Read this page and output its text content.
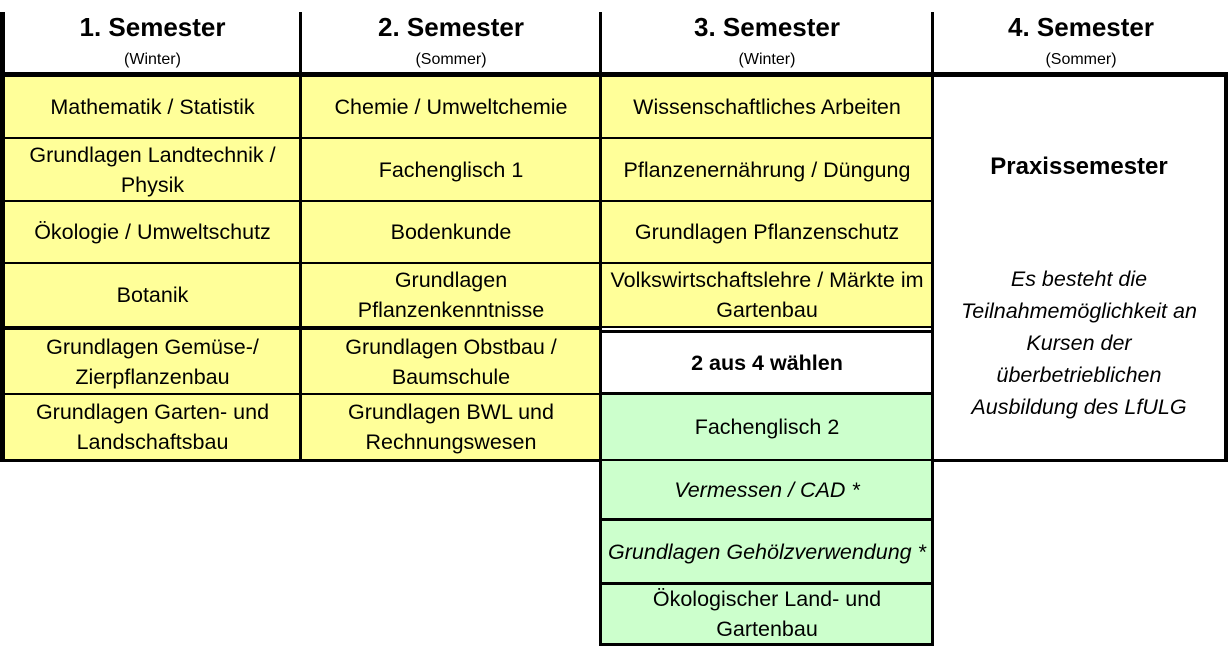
1. Semester
(Winter)
2. Semester
(Sommer)
3. Semester
(Winter)
4. Semester
(Sommer)
Mathematik / Statistik
Grundlagen Landtechnik / Physik
Ökologie / Umweltschutz
Botanik
Grundlagen Gemüse-/ Zierpflanzenbau
Grundlagen Garten- und Landschaftsbau
Chemie / Umweltchemie
Fachenglisch 1
Bodenkunde
Grundlagen Pflanzenkenntnisse
Grundlagen Obstbau / Baumschule
Grundlagen BWL und Rechnungswesen
Wissenschaftliches Arbeiten
Pflanzenernährung / Düngung
Grundlagen Pflanzenschutz
Volkswirtschaftslehre / Märkte im Gartenbau
2 aus 4 wählen
Fachenglisch 2
Vermessen / CAD *
Grundlagen Gehölzverwendung *
Ökologischer Land- und Gartenbau
Praxissemester
Es besteht die Teilnahmemöglichkeit an Kursen der überbetrieblichen Ausbildung des LfULG
